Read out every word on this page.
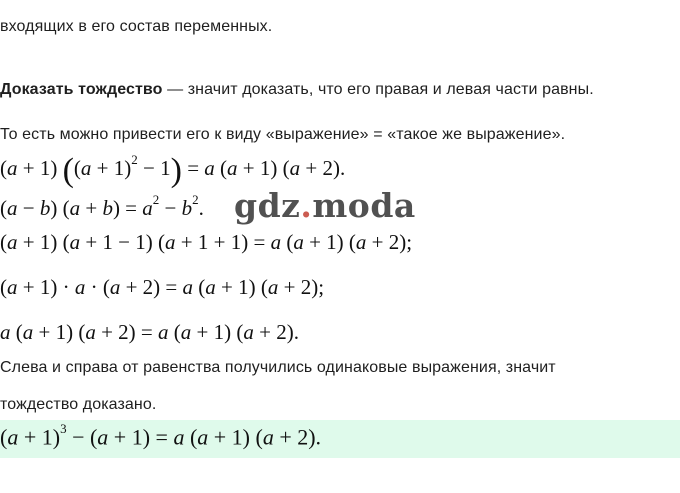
входящих в его состав переменных.
Доказать тождество — значит доказать, что его правая и левая части равны.
То есть можно привести его к виду «выражение» = «такое же выражение».
(a + 1) $((a + 1)^2 - 1) = a$ (a + 1) (a + 2).
(a − b) $(a + b) = a^2 - b^2$. gdz.moda
(a + 1) (a + 1 − 1) (a + 1 + 1) = a (a + 1) (a + 2);
(a + 1) · a · (a + 2) = a (a + 1) (a + 2);
a (a + 1) (a + 2) = a (a + 1) (a + 2).
Слева и справа от равенства получились одинаковые выражения, значит
тождество доказано.
$(a + 1)^3 - (a + 1) = a$ (a + 1) (a + 2).
